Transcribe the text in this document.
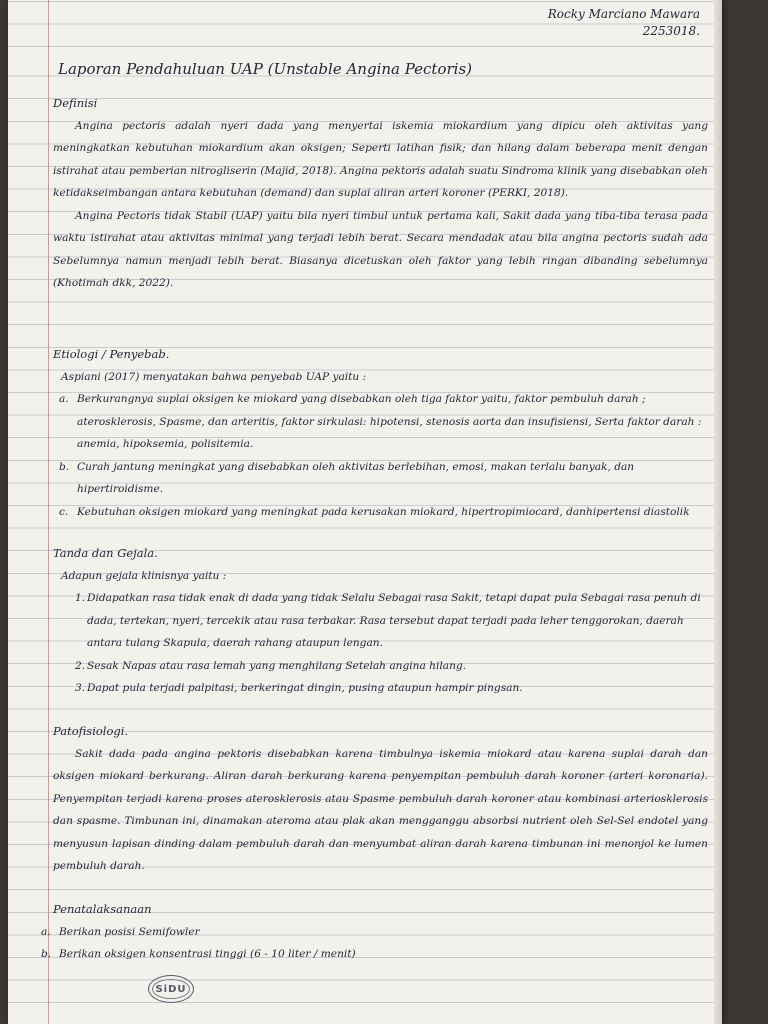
Rocky Marciano Mawara
2253018.
Laporan Pendahuluan UAP (Unstable Angina Pectoris)
Definisi

Angina pectoris adalah nyeri dada yang menyertai iskemia miokardium yang dipicu oleh aktivitas yang meningkatkan kebutuhan miokardium akan oksigen; Seperti latihan fisik; dan hilang dalam beberapa menit dengan istirahat atau pemberian nitrogliserin (Majid, 2018). Angina pektoris adalah suatu Sindroma klinik yang disebabkan oleh ketidakseimbangan antara kebutuhan (demand) dan suplai aliran arteri koroner (PERKI, 2018).

Angina Pectoris tidak Stabil (UAP) yaitu bila nyeri timbul untuk pertama kali, Sakit dada yang tiba-tiba terasa pada waktu istirahat atau aktivitas minimal yang terjadi lebih berat. Secara mendadak atau bila angina pectoris sudah ada Sebelumnya namun menjadi lebih berat. Biasanya dicetuskan oleh faktor yang lebih ringan dibanding sebelumnya (Khotimah dkk, 2022).

Etiologi / Penyebab.
Aspiani (2017) menyatakan bahwa penyebab UAP yaitu :
a. Berkurangnya suplai oksigen ke miokard yang disebabkan oleh tiga faktor yaitu, faktor pembuluh darah ; aterosklerosis, Spasme, dan arteritis, faktor sirkulasi: hipotensi, stenosis aorta dan insufisiensi, Serta faktor darah : anemia, hipoksemia, polisitemia.
b. Curah jantung meningkat yang disebabkan oleh aktivitas berlebihan, emosi, makan terlalu banyak, dan hipertiroidisme.
c. Kebutuhan oksigen miokard yang meningkat pada kerusakan miokard, hipertropimiocard, danhipertensi diastolik
Tanda dan Gejala.
Adapun gejala klinisnya yaitu :
1. Didapatkan rasa tidak enak di dada yang tidak Selalu Sebagai rasa Sakit, tetapi dapat pula Sebagai rasa penuh di dada, tertekan, nyeri, tercekik atau rasa terbakar. Rasa tersebut dapat terjadi pada leher tenggorokan, daerah antara tulang Skapula, daerah rahang ataupun lengan.
2. Sesak Napas atau rasa lemah yang menghilang Setelah angina hilang.
3. Dapat pula terjadi palpitasi, berkeringat dingin, pusing ataupun hampir pingsan.
Patofisiologi.

Sakit dada pada angina pektoris disebabkan karena timbulnya iskemia miokard atau karena suplai darah dan oksigen miokard berkurang. Aliran darah berkurang karena penyempitan pembuluh darah koroner (arteri koronaria). Penyempitan terjadi karena proses aterosklerosis atau Spasme pembuluh darah koroner atau kombinasi arteriosklerosis dan spasme. Timbunan ini, dinamakan ateroma atau plak akan mengganggu absorbsi nutrient oleh Sel-Sel endotel yang menyusun lapisan dinding dalam pembuluh darah dan menyumbat aliran darah karena timbunan ini menonjol ke lumen pembuluh darah.

Penatalaksanaan
a. Berikan posisi Semifowler
b. Berikan oksigen konsentrasi tinggi (6 - 10 liter / menit)
SiDU
